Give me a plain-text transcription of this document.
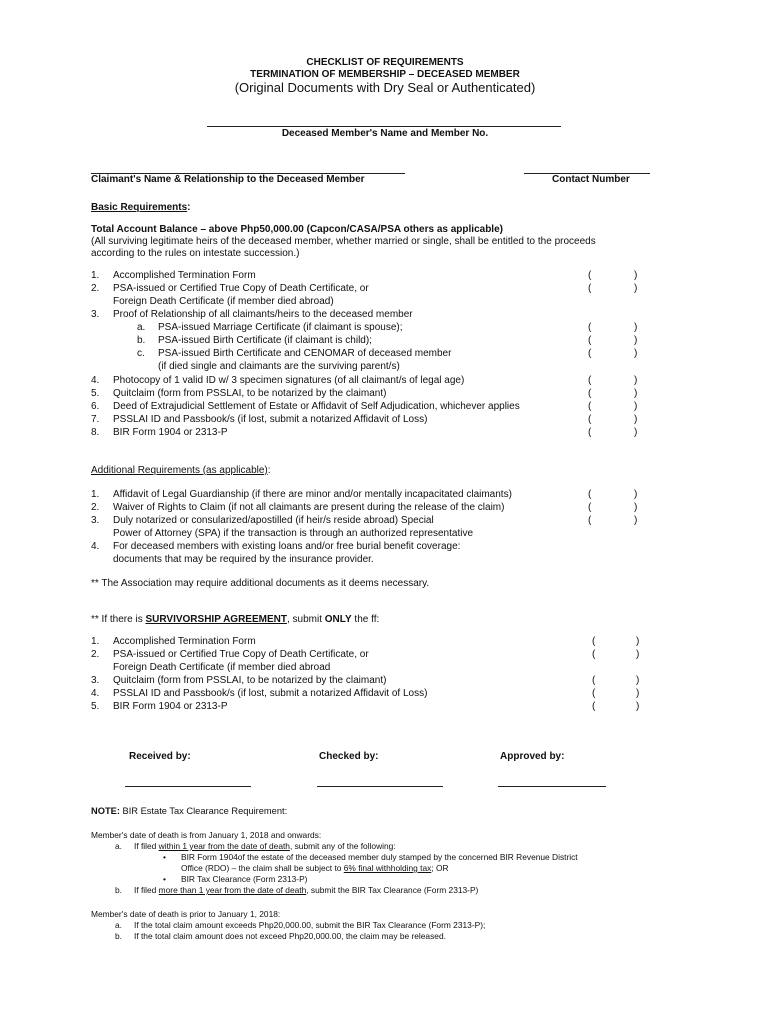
CHECKLIST OF REQUIREMENTS
TERMINATION OF MEMBERSHIP – DECEASED MEMBER
(Original Documents with Dry Seal or Authenticated)
Deceased Member's Name and Member No.
Claimant's Name & Relationship to the Deceased Member	Contact Number
Basic Requirements:
Total Account Balance – above Php50,000.00 (Capcon/CASA/PSA others as applicable)
(All surviving legitimate heirs of the deceased member, whether married or single, shall be entitled to the proceeds
according to the rules on intestate succession.)
1. Accomplished Termination Form	(	)
2. PSA-issued or Certified True Copy of Death Certificate, or	(	)
Foreign Death Certificate (if member died abroad)
3. Proof of Relationship of all claimants/heirs to the deceased member
a. PSA-issued Marriage Certificate (if claimant is spouse);	(	)
b. PSA-issued Birth Certificate (if claimant is child);	(	)
c. PSA-issued Birth Certificate and CENOMAR of deceased member	(	)
(if died single and claimants are the surviving parent/s)
4. Photocopy of 1 valid ID w/ 3 specimen signatures (of all claimant/s of legal age)	(	)
5. Quitclaim (form from PSSLAI, to be notarized by the claimant)	(	)
6. Deed of Extrajudicial Settlement of Estate or Affidavit of Self Adjudication, whichever applies	(	)
7. PSSLAI ID and Passbook/s (if lost, submit a notarized Affidavit of Loss)	(	)
8. BIR Form 1904 or 2313-P	(	)
Additional Requirements (as applicable):
1. Affidavit of Legal Guardianship (if there are minor and/or mentally incapacitated claimants)	(	)
2. Waiver of Rights to Claim (if not all claimants are present during the release of the claim)	(	)
3. Duly notarized or consularized/apostilled (if heir/s reside abroad) Special	(	)
Power of Attorney (SPA) if the transaction is through an authorized representative
4. For deceased members with existing loans and/or free burial benefit coverage:
documents that may be required by the insurance provider.
** The Association may require additional documents as it deems necessary.
** If there is SURVIVORSHIP AGREEMENT, submit ONLY the ff:
1. Accomplished Termination Form	(	)
2. PSA-issued or Certified True Copy of Death Certificate, or	(	)
Foreign Death Certificate (if member died abroad
3. Quitclaim (form from PSSLAI, to be notarized by the claimant)	(	)
4. PSSLAI ID and Passbook/s (if lost, submit a notarized Affidavit of Loss)	(	)
5. BIR Form 1904 or 2313-P	(	)
Received by:	Checked by:	Approved by:
NOTE: BIR Estate Tax Clearance Requirement:
Member's date of death is from January 1, 2018 and onwards:
a. If filed within 1 year from the date of death, submit any of the following:
• BIR Form 1904of the estate of the deceased member duly stamped by the concerned BIR Revenue District
Office (RDO) – the claim shall be subject to 6% final withholding tax; OR
• BIR Tax Clearance (Form 2313-P)
b. If filed more than 1 year from the date of death, submit the BIR Tax Clearance (Form 2313-P)
Member's date of death is prior to January 1, 2018:
a. If the total claim amount exceeds Php20,000.00, submit the BIR Tax Clearance (Form 2313-P);
b. If the total claim amount does not exceed Php20,000.00, the claim may be released.
